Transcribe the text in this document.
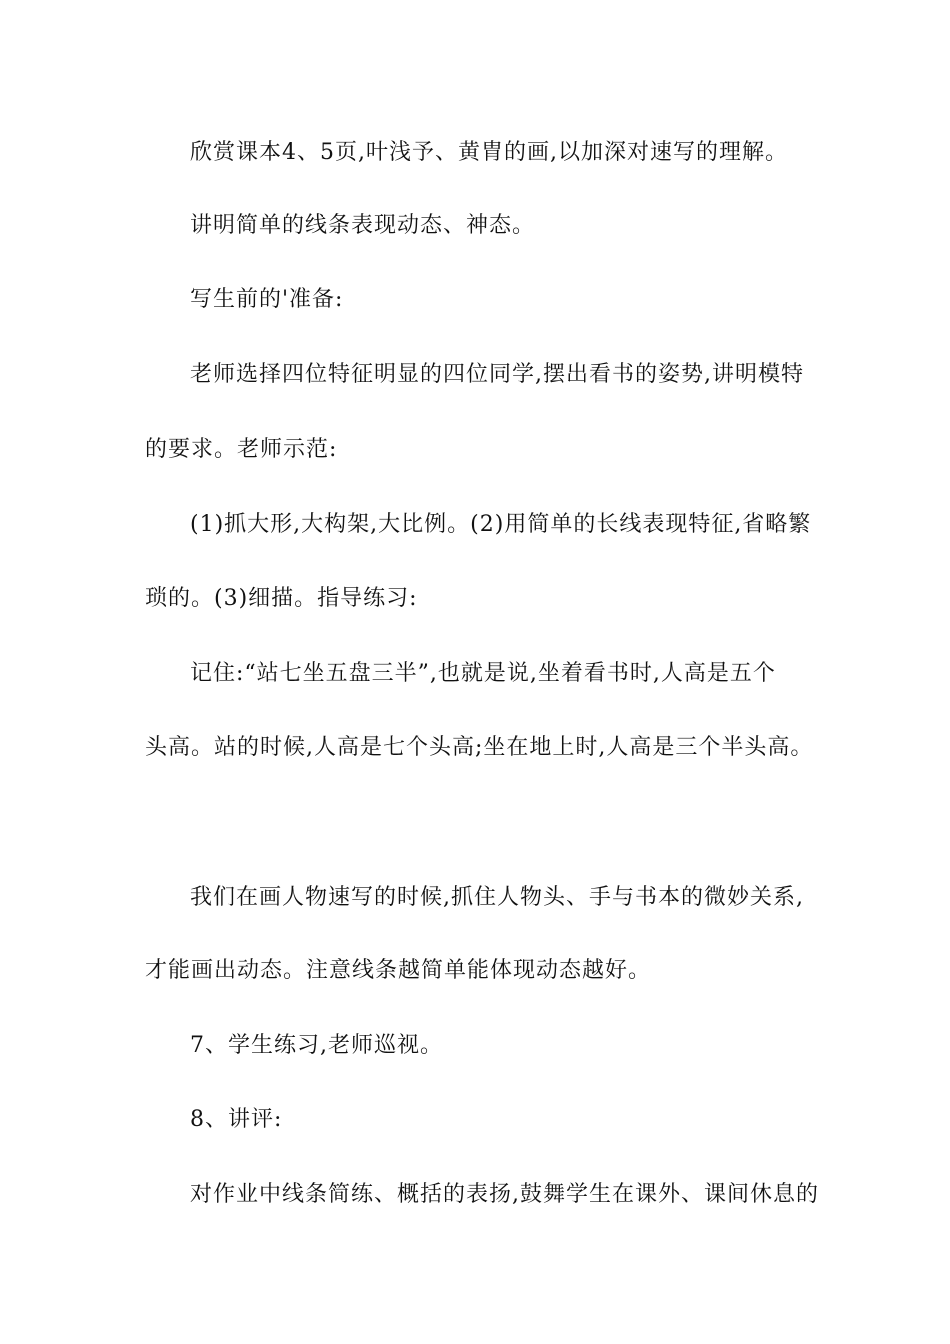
欣赏课本4、5页,叶浅予、黄胄的画,以加深对速写的理解。
讲明简单的线条表现动态、神态。
写生前的'准备:
老师选择四位特征明显的四位同学,摆出看书的姿势,讲明模特
的要求。老师示范:
(1)抓大形,大构架,大比例。(2)用简单的长线表现特征,省略繁
琐的。(3)细描。指导练习:
记住:“站七坐五盘三半”,也就是说,坐着看书时,人高是五个
头高。站的时候,人高是七个头高;坐在地上时,人高是三个半头高。
我们在画人物速写的时候,抓住人物头、手与书本的微妙关系,
才能画出动态。注意线条越简单能体现动态越好。
7、学生练习,老师巡视。
8、讲评:
对作业中线条简练、概括的表扬,鼓舞学生在课外、课间休息的
